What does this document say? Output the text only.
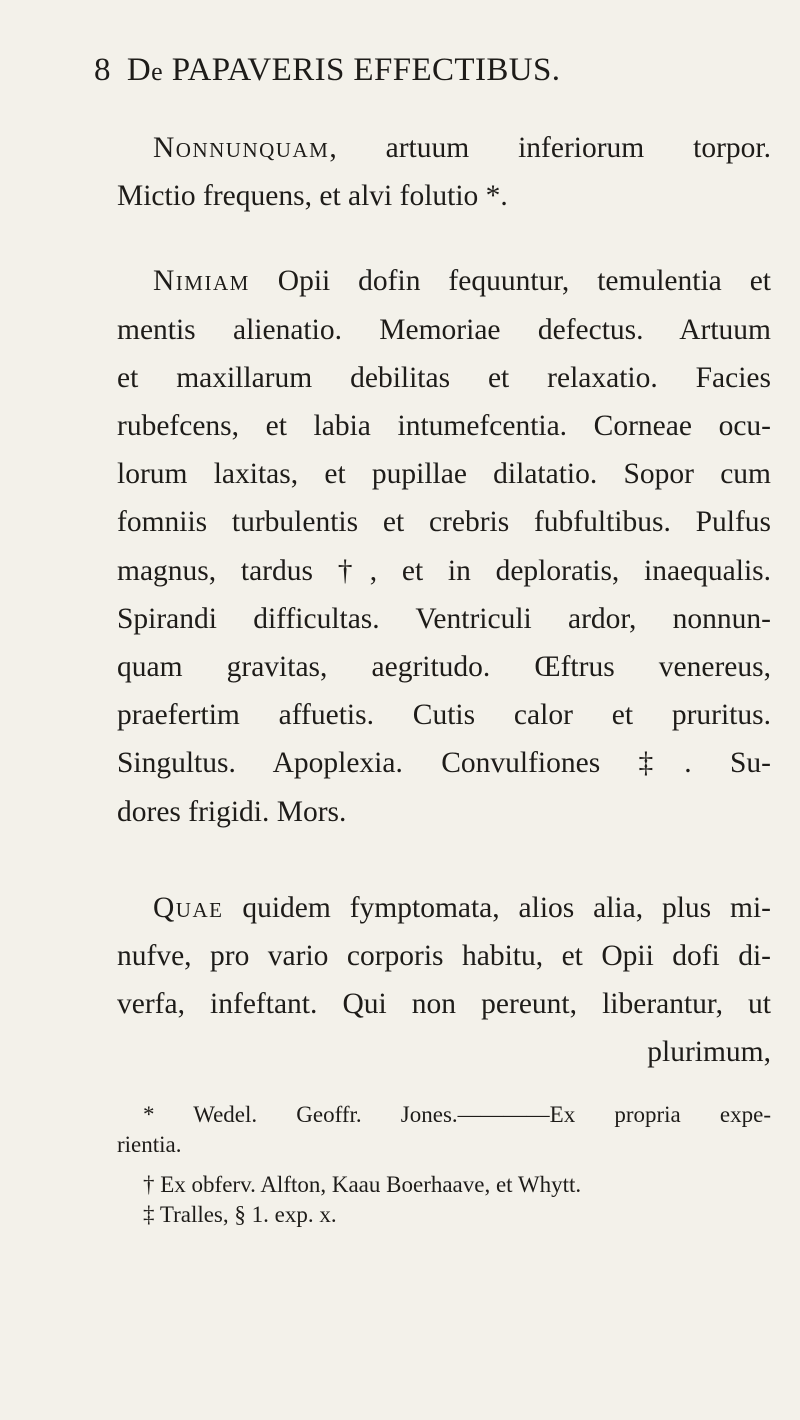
8 De PAPAVERIS EFFECTIBUS.
Nonnunquam, artuum inferiorum torpor.
Mictio frequens, et alvi folutio *.
Nimiam Opii dofin fequuntur, temulentia et
mentis alienatio. Memoriae defectus. Artuum
et maxillarum debilitas et relaxatio. Facies
rubefcens, et labia intumefcentia. Corneae ocu-
lorum laxitas, et pupillae dilatatio. Sopor cum
fomniis turbulentis et crebris fubfultibus. Pulfus
magnus, tardus †, et in deploratis, inaequalis.
Spirandi difficultas. Ventriculi ardor, nonnun-
quam gravitas, aegritudo. Œftrus venereus,
praefertim affuetis. Cutis calor et pruritus.
Singultus. Apoplexia. Convulfiones ‡. Su-
dores frigidi. Mors.
Quae quidem fymptomata, alios alia, plus mi-
nufve, pro vario corporis habitu, et Opii dofi di-
verfa, infeftant. Qui non pereunt, liberantur, ut
plurimum,
* Wedel. Geoffr. Jones.————Ex propria expe-
rientia.
† Ex obferv. Alfton, Kaau Boerhaave, et Whytt.
‡ Tralles, § 1. exp. x.
